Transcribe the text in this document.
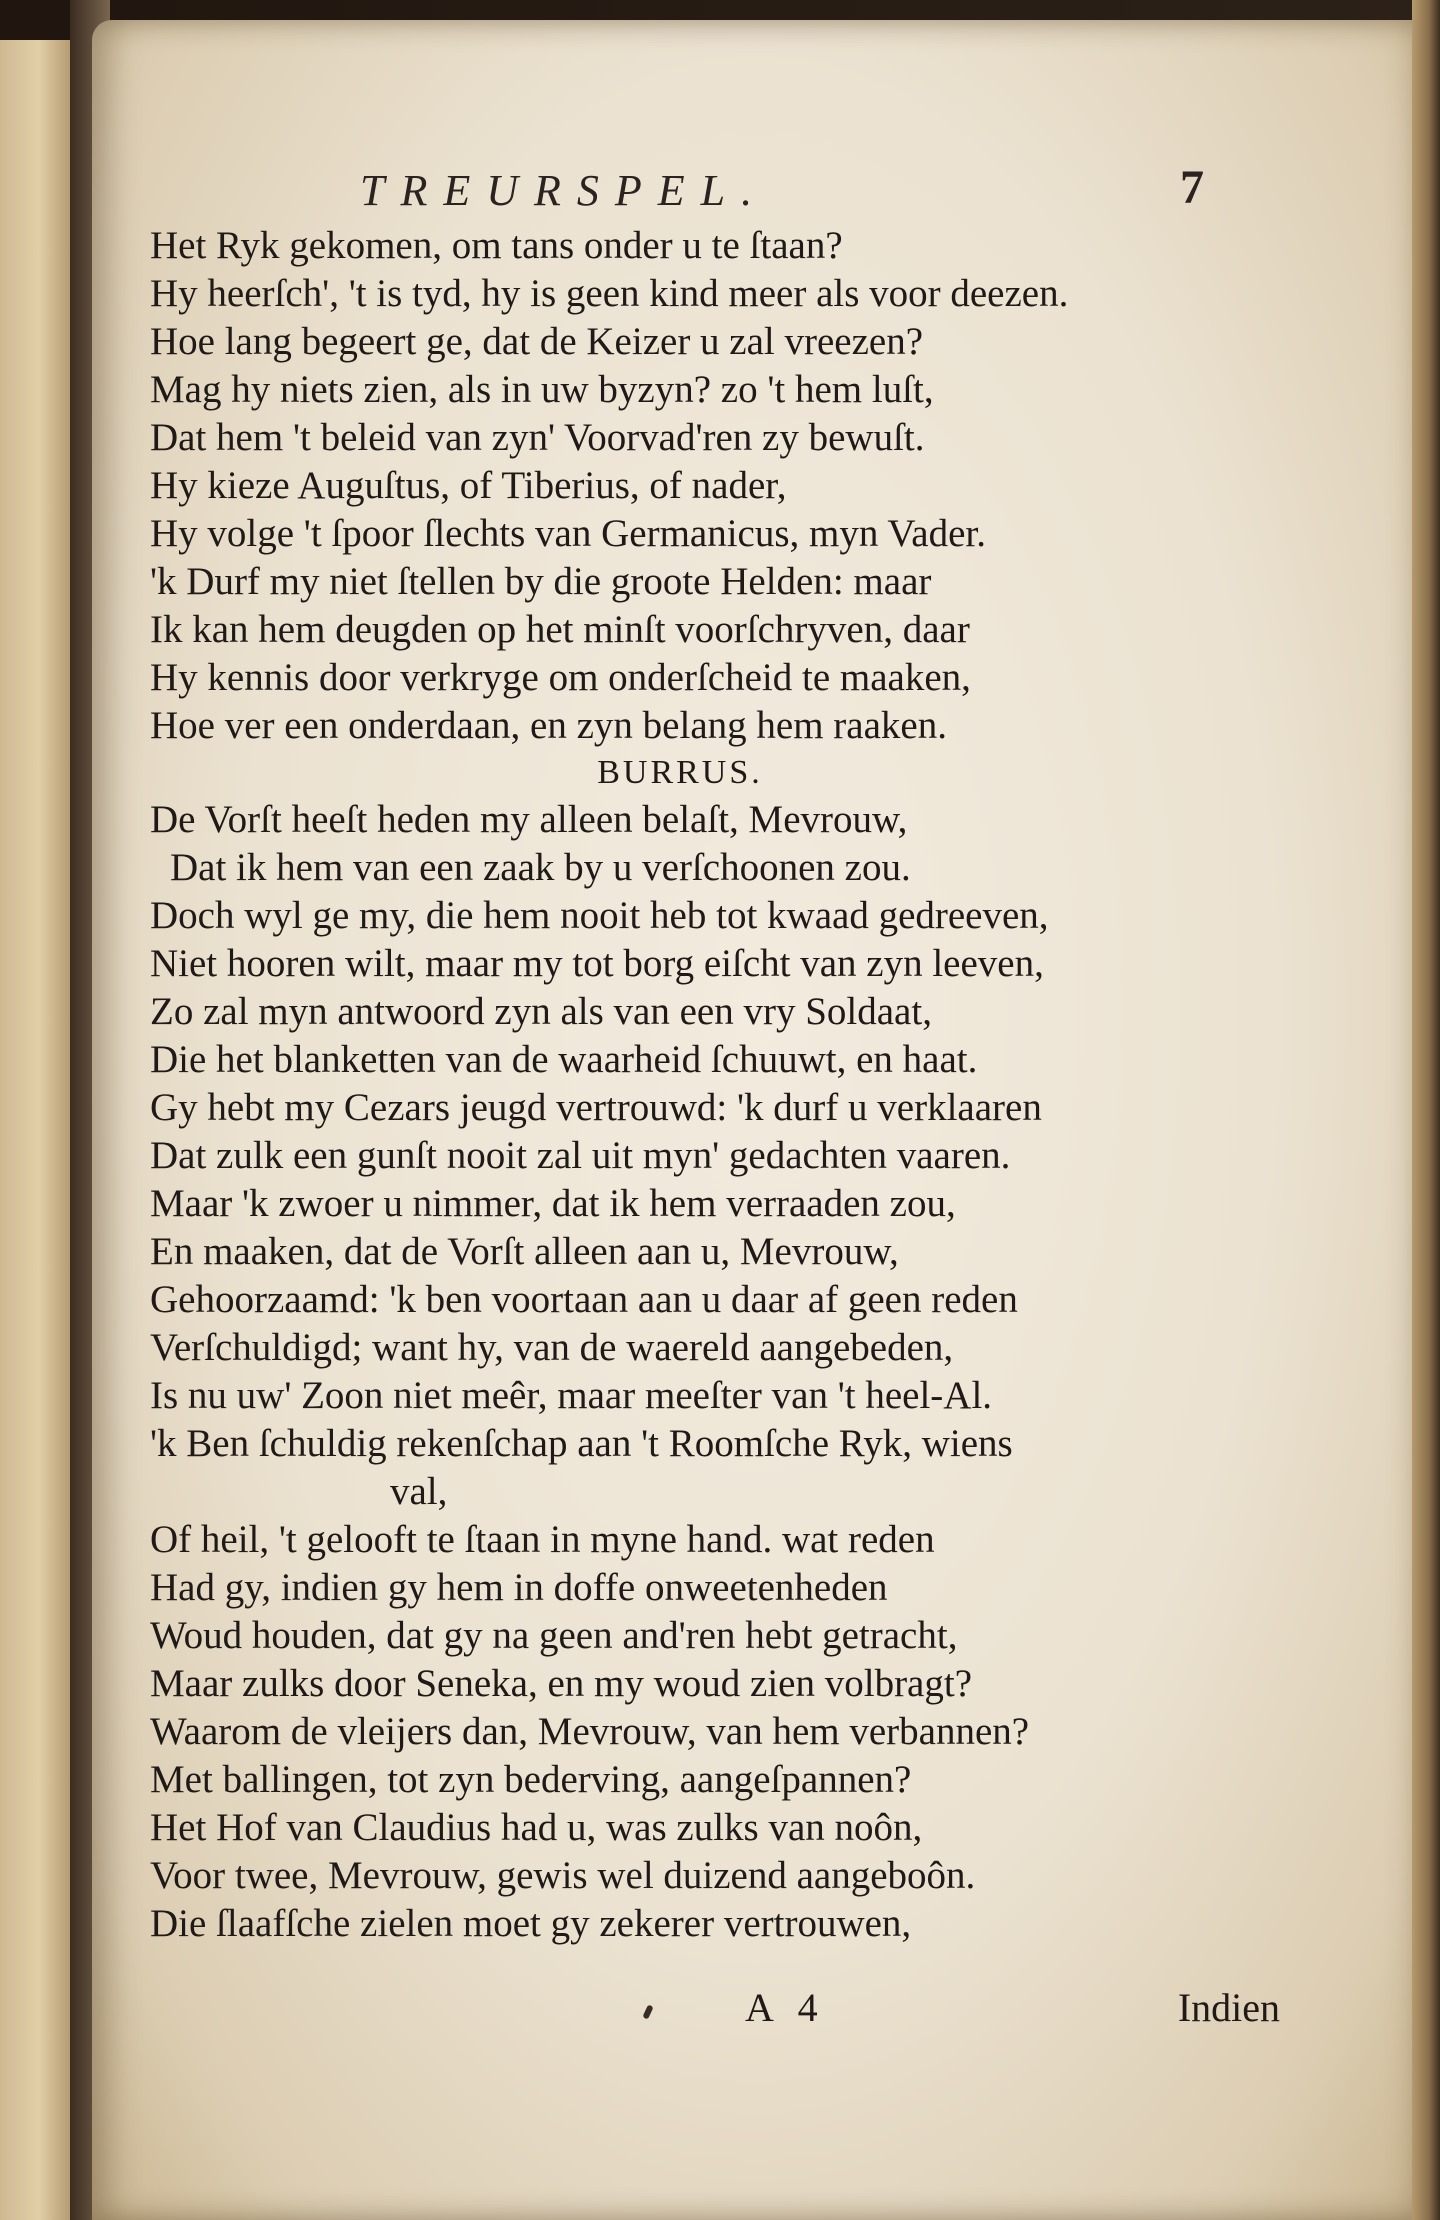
TREURSPEL.	7
Het Ryk gekomen, om tans onder u te ſtaan?
Hy heerſch', 't is tyd, hy is geen kind meer als voor deezen.
Hoe lang begeert ge, dat de Keizer u zal vreezen?
Mag hy niets zien, als in uw byzyn? zo 't hem luſt,
Dat hem 't beleid van zyn' Voorvad'ren zy bewuſt.
Hy kieze Auguſtus, of Tiberius, of nader,
Hy volge 't ſpoor ſlechts van Germanicus, myn Vader.
'k Durf my niet ſtellen by die groote Helden: maar
Ik kan hem deugden op het minſt voorſchryven, daar
Hy kennis door verkryge om onderſcheid te maaken,
Hoe ver een onderdaan, en zyn belang hem raaken.
BURRUS.
De Vorſt heeſt heden my alleen belaſt, Mevrouw,
Dat ik hem van een zaak by u verſchoonen zou.
Doch wyl ge my, die hem nooit heb tot kwaad gedreeven,
Niet hooren wilt, maar my tot borg eiſcht van zyn leeven,
Zo zal myn antwoord zyn als van een vry Soldaat,
Die het blanketten van de waarheid ſchuuwt, en haat.
Gy hebt my Cezars jeugd vertrouwd: 'k durf u verklaaren
Dat zulk een gunſt nooit zal uit myn' gedachten vaaren.
Maar 'k zwoer u nimmer, dat ik hem verraaden zou,
En maaken, dat de Vorſt alleen aan u, Mevrouw,
Gehoorzaamd: 'k ben voortaan aan u daar af geen reden
Verſchuldigd; want hy, van de waereld aangebeden,
Is nu uw' Zoon niet meêr, maar meeſter van 't heel-Al.
'k Ben ſchuldig rekenſchap aan 't Roomſche Ryk, wiens
val,
Of heil, 't gelooft te ſtaan in myne hand. wat reden
Had gy, indien gy hem in doffe onweetenheden
Woud houden, dat gy na geen and'ren hebt getracht,
Maar zulks door Seneka, en my woud zien volbragt?
Waarom de vleijers dan, Mevrouw, van hem verbannen?
Met ballingen, tot zyn bederving, aangeſpannen?
Het Hof van Claudius had u, was zulks van noôn,
Voor twee, Mevrouw, gewis wel duizend aangeboôn.
Die ſlaafſche zielen moet gy zekerer vertrouwen,
A 4	Indien
